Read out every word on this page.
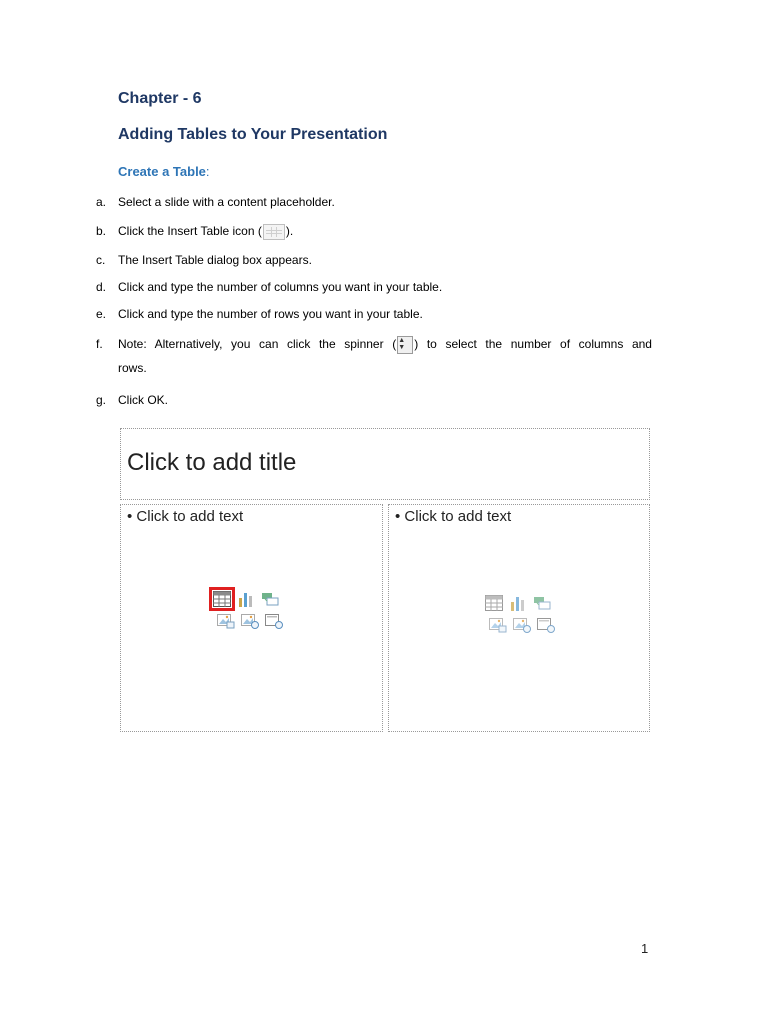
Chapter - 6
Adding Tables to Your Presentation
Create a Table:
a. Select a slide with a content placeholder.
b. Click the Insert Table icon ( ).
c.	The Insert Table dialog box appears.
d. Click and type the number of columns you want in your table.
e. Click and type the number of rows you want in your table.
f.	Note: Alternatively, you can click the spinner ( ▲
▼ ) to select the number of columns and
rows.
g. Click OK.
Click to add title
• Click to add text	• Click to add text
1
